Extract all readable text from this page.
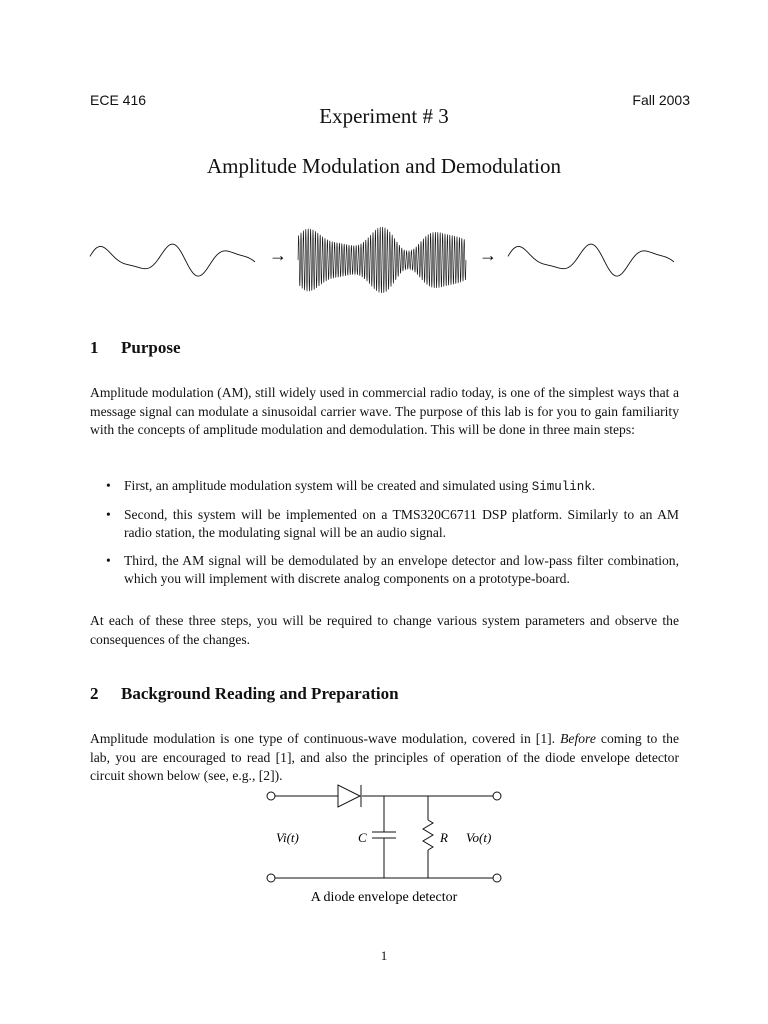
ECE 416	Fall 2003
Experiment # 3
Amplitude Modulation and Demodulation
→	→
1 Purpose
Amplitude modulation (AM), still widely used in commercial radio today, is one of the simplest ways that a message signal can modulate a sinusoidal carrier wave. The purpose of this lab is for you to gain familiarity with the concepts of amplitude modulation and demodulation. This will be done in three main steps:
• First, an amplitude modulation system will be created and simulated using Simulink.
• Second, this system will be implemented on a TMS320C6711 DSP platform. Similarly to an AM radio station, the modulating signal will be an audio signal.
• Third, the AM signal will be demodulated by an envelope detector and low-pass filter combination, which you will implement with discrete analog components on a prototype-board.
At each of these three steps, you will be required to change various system parameters and observe the consequences of the changes.
2 Background Reading and Preparation
Amplitude modulation is one type of continuous-wave modulation, covered in [1]. Before coming to the lab, you are encouraged to read [1], and also the principles of operation of the diode envelope detector circuit shown below (see, e.g., [2]).
Vi(t)	C	R Vo(t)
A diode envelope detector
1
